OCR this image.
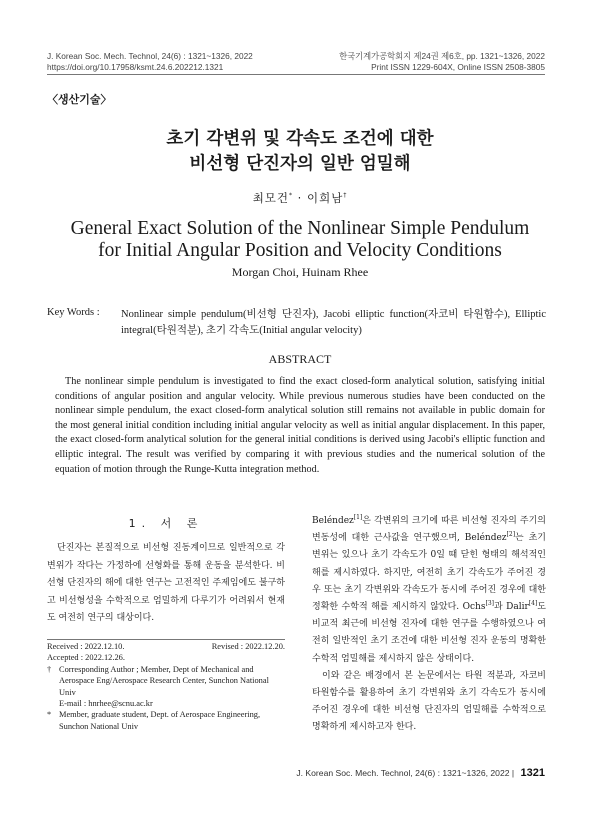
J. Korean Soc. Mech. Technol, 24(6) : 1321~1326, 2022
https://doi.org/10.17958/ksmt.24.6.202212.1321
한국기계가공학회지 제24권 제6호, pp. 1321~1326, 2022
Print ISSN 1229-604X, Online ISSN 2508-3805
〈생산기술〉
초기 각변위 및 각속도 조건에 대한
비선형 단진자의 일반 엄밀해
최모건* · 이희남†
General Exact Solution of the Nonlinear Simple Pendulum
for Initial Angular Position and Velocity Conditions
Morgan Choi, Huinam Rhee
Key Words : Nonlinear simple pendulum(비선형 단진자), Jacobi elliptic function(자코비 타원함수), Elliptic integral(타원적분), 초기 각속도(Initial angular velocity)
ABSTRACT

The nonlinear simple pendulum is investigated to find the exact closed-form analytical solution, satisfying initial conditions of angular position and angular velocity. While previous numerous studies have been conducted on the nonlinear simple pendulum, the exact closed-form analytical solution still remains not available in public domain for the most general initial condition including initial angular velocity as well as initial angular displacement. In this paper, the exact closed-form analytical solution for the general initial conditions is derived using Jacobi's elliptic function and elliptic integral. The result was verified by comparing it with previous studies and the numerical solution of the equation of motion through the Runge-Kutta integration method.

1. 서 론

단진자는 본질적으로 비선형 진동계이므로 일반적으로 각변위가 작다는 가정하에 선형화를 통해 운동을 분석한다. 비선형 단진자의 해에 대한 연구는 고전적인 주제임에도 불구하고 비선형성을 수학적으로 엄밀하게 다루기가 어려워서 현재도 여전히 연구의 대상이다.

Received : 2022.12.10.	Revised : 2022.12.20.
Accepted : 2022.12.26.
† Corresponding Author ; Member, Dept of Mechanical and Aerospace Eng/Aerospace Research Center, Sunchon National Univ
E-mail : hnrhee@scnu.ac.kr
* Member, graduate student, Dept. of Aerospace Engineering, Sunchon National Univ

Beléndez[1]은 각변위의 크기에 따른 비선형 진자의 주기의 변동성에 대한 근사값을 연구했으며, Beléndez[2]는 초기 변위는 있으나 초기 각속도가 0일 때 닫힌 형태의 해석적인 해를 제시하였다. 하지만, 여전히 초기 각속도가 주어진 경우 또는 초기 각변위와 각속도가 동시에 주어진 경우에 대한 정확한 수학적 해를 제시하지 않았다. Ochs[3]과 Dalir[4]도 비교적 최근에 비선형 진자에 대한 연구를 수행하였으나 여전히 일반적인 초기 조건에 대한 비선형 진자 운동의 명확한 수학적 엄밀해를 제시하지 않은 상태이다.

이와 같은 배경에서 본 논문에서는 타원 적분과, 자코비 타원함수를 활용하여 초기 각변위와 초기 각속도가 동시에 주어진 경우에 대한 비선형 단진자의 엄밀해를 수학적으로 명확하게 제시하고자 한다.

J. Korean Soc. Mech. Technol, 24(6) : 1321~1326, 2022 | 1321
